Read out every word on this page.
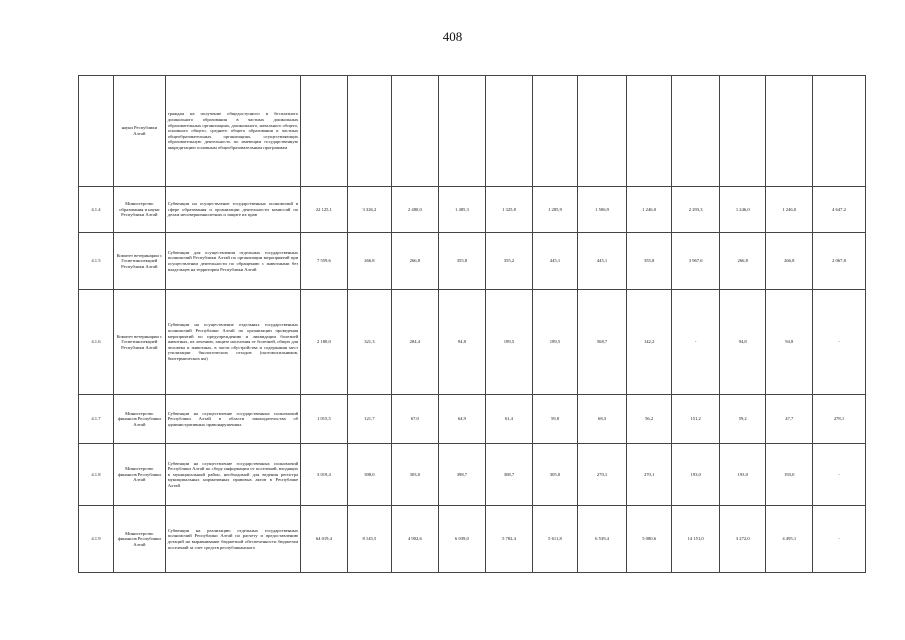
408
	науки Республики Алтай	граждан на получение общедоступного и бесплатного дошкольного образования в частных дошкольных образовательных организациях, дошкольного, начального общего, основного общего, среднего общего образования в частных общеобразовательных организациях, осуществляющих образовательную деятельность по имеющим государственную аккредитацию основным общеобразовательным программам												
4.1.4	Министерство образования и науки Республики Алтай	Субвенции на осуществление государственных полномочий в сфере образования и организации деятельности комиссий по делам несовершеннолетних и защите их прав	22 125,1	3 326,2	2 480,0	1 485,3	1 325,8	1 285,9	1 506,9	1 246,0	2 293,3	1 246,0	1 246,0	4 647,2
4.1.5	Комитет ветеринарии с Госветинспекцией Республики Алтай	Субвенции для осуществления отдельных государственных полномочий Республики Алтай по организации мероприятий при осуществлении деятельности по обращению с животными без владельцев на территории Республики Алтай	7 559,6	266,8	266,8	355,8	355,2	445,1	445,1	355,8	3 967,6	266,8	266,8	2 067,8
4.1.6	Комитет ветеринарии с Госветинспекцией Республики Алтай	Субвенции на осуществление отдельных государственных полномочий Республики Алтай по организации проведения мероприятий по предупреждению и ликвидации болезней животных, их лечению, защите населения от болезней, общих для человека и животных, в части обустройства и содержания мест утилизации биологических отходов (скотомогильников, биотермических ям)	2 180,0	321,3	284,4	94,8	189,5	189,5	568,7	142,2	-	94,8	94,8	-
4.1.7	Министерство финансов Республики Алтай	Субвенции на осуществление государственных полномочий Республики Алтай в области законодательства об административных правонарушениях	1 015,5	121,7	67,0	64,9	61,4	59,8	68,3	56,2	151,2	59,2	47,7	278,1
4.1.8	Министерство финансов Республики Алтай	Субвенции на осуществление государственных полномочий Республики Алтай по сбору информации от поселений, входящих в муниципальный район, необходимой для ведения регистра муниципальных нормативных правовых актов в Республике Алтай	3 019,4	398,0	303,0	398,7	308,7	305,0	270,1	270,1	193,0	193,0	193,0	-
4.1.9	Министерство финансов Республики Алтай	Субвенции на реализацию отдельных государственных полномочий Республики Алтай по расчету и предоставлению дотаций на выравнивание бюджетной обеспеченности бюджетам поселений за счет средств республиканского	64 019,4	8 145,5	4 902,6	6 039,0	5 782,4	5 611,8	6 539,4	5 080,6	14 151,0	3 272,0	4 495,1	-
